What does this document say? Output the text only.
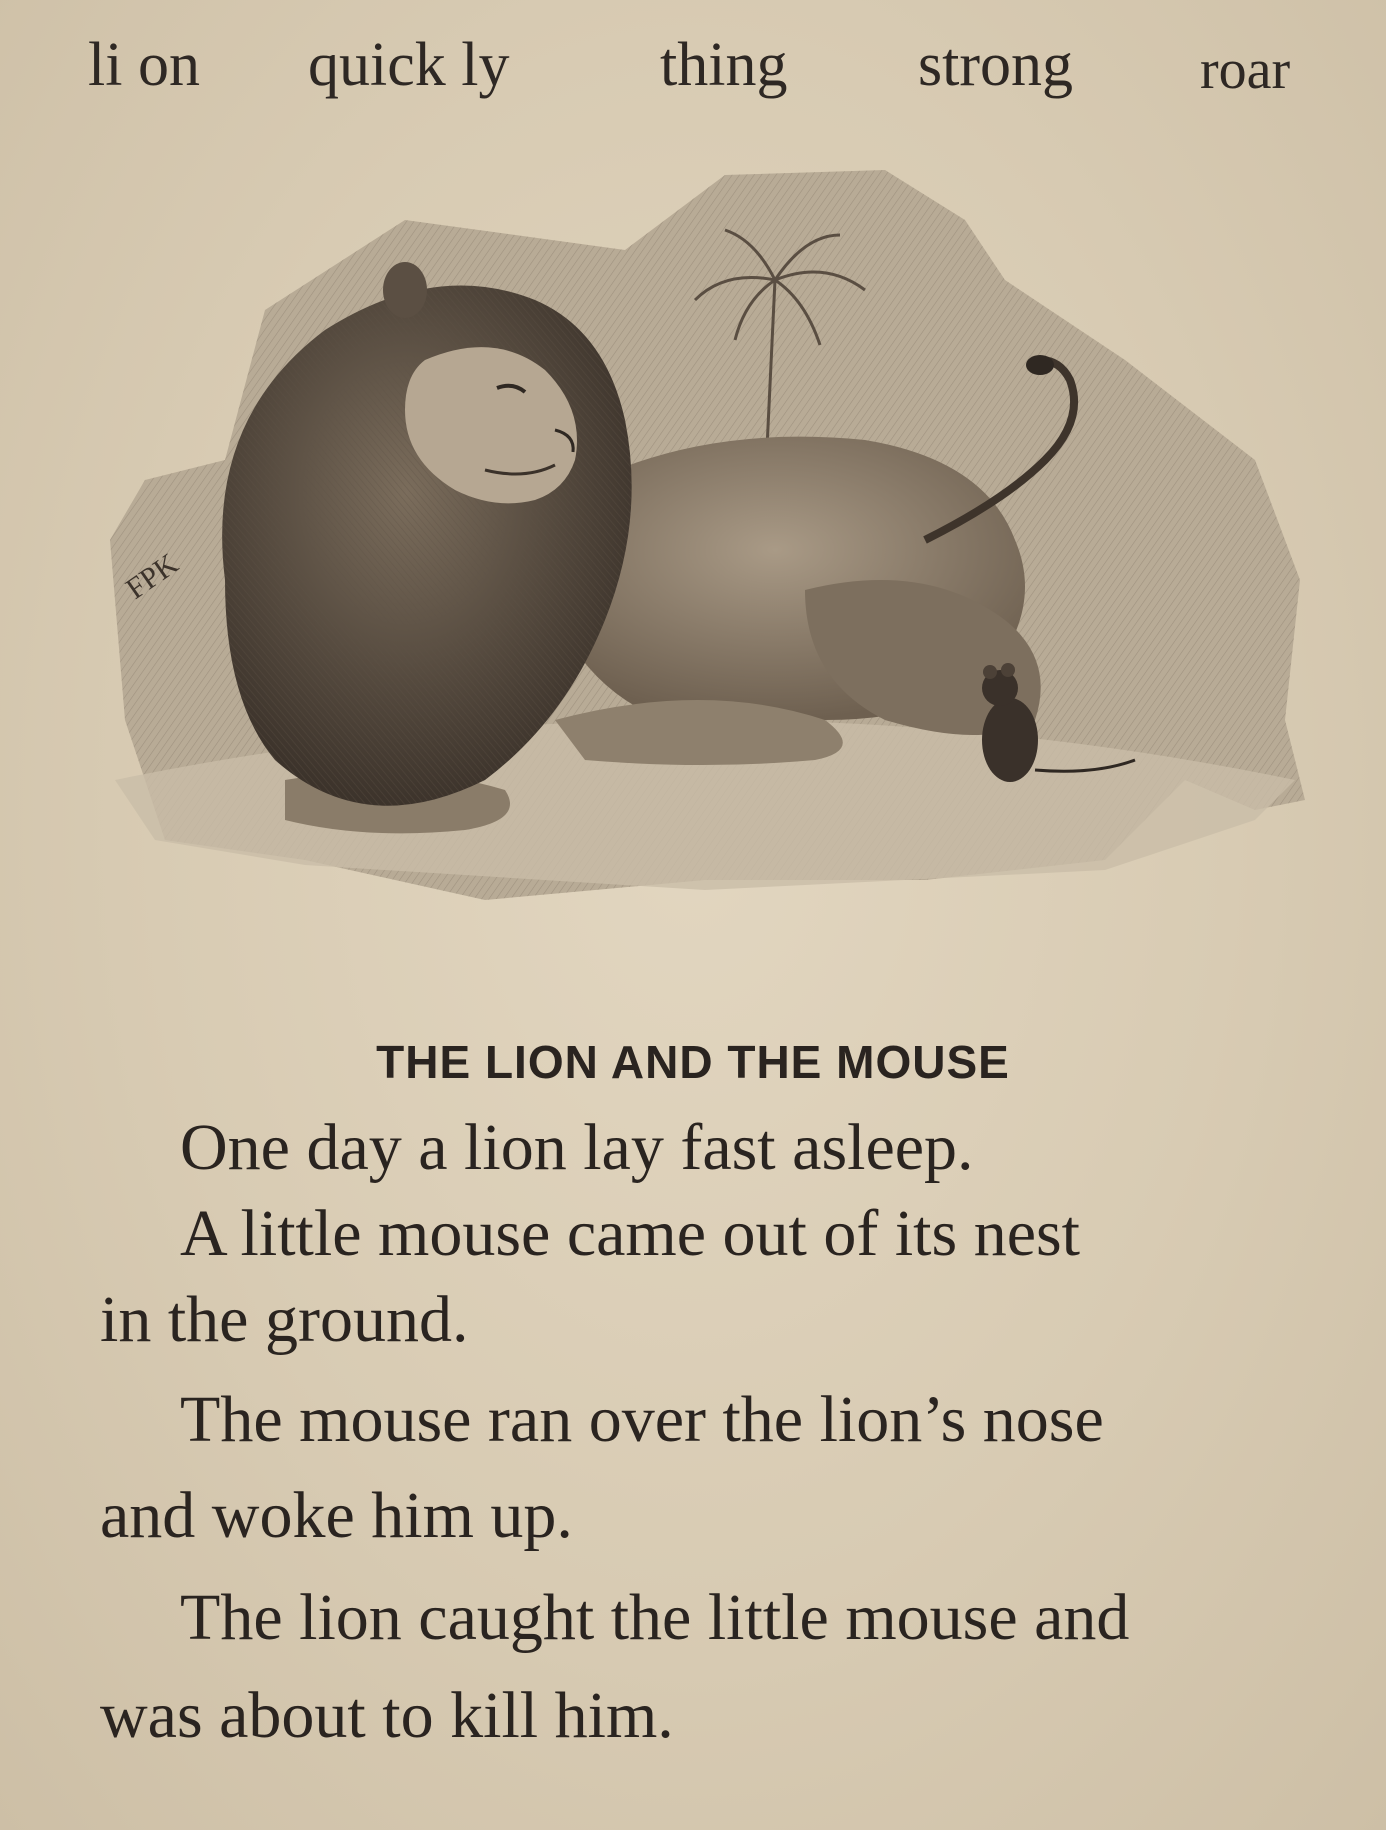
li on quick ly thing strong roar
FPK
THE LION AND THE MOUSE
One day a lion lay fast asleep.
A little mouse came out of its nest
in the ground.
The mouse ran over the lion’s nose
and woke him up.
The lion caught the little mouse and
was about to kill him.
